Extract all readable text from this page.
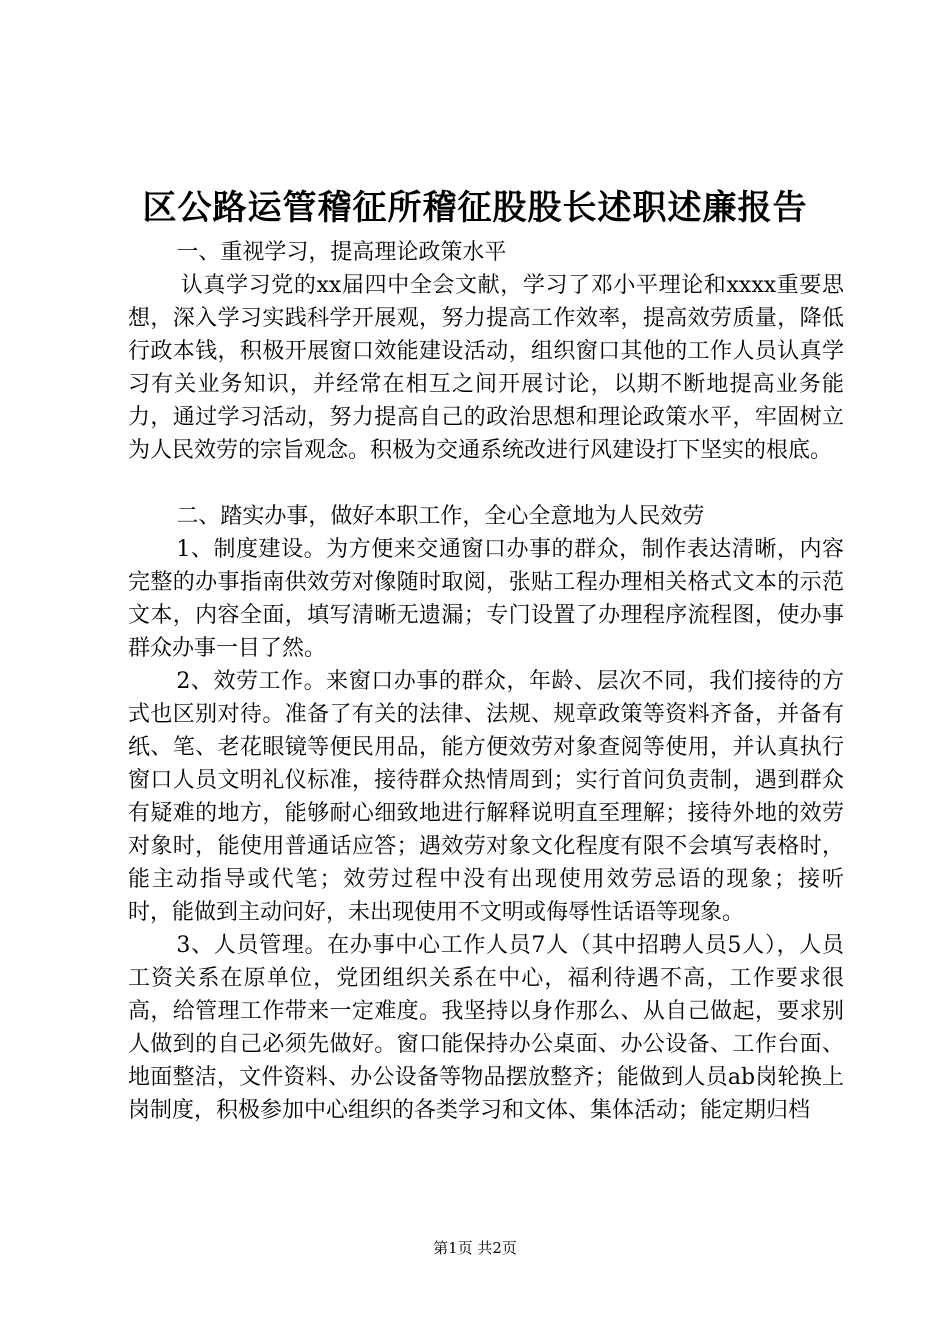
区公路运管稽征所稽征股股长述职述廉报告

一、重视学习，提高理论政策水平

认真学习党的xx届四中全会文献，学习了邓小平理论和xxxx重要思想，深入学习实践科学开展观，努力提高工作效率，提高效劳质量，降低行政本钱，积极开展窗口效能建设活动，组织窗口其他的工作人员认真学习有关业务知识，并经常在相互之间开展讨论，以期不断地提高业务能力，通过学习活动，努力提高自己的政治思想和理论政策水平，牢固树立为人民效劳的宗旨观念。积极为交通系统改进行风建设打下坚实的根底。

二、踏实办事，做好本职工作，全心全意地为人民效劳

1、制度建设。为方便来交通窗口办事的群众，制作表达清晰，内容完整的办事指南供效劳对像随时取阅，张贴工程办理相关格式文本的示范文本，内容全面，填写清晰无遗漏；专门设置了办理程序流程图，使办事群众办事一目了然。

2、效劳工作。来窗口办事的群众，年龄、层次不同，我们接待的方式也区别对待。准备了有关的法律、法规、规章政策等资料齐备，并备有纸、笔、老花眼镜等便民用品，能方便效劳对象查阅等使用，并认真执行窗口人员文明礼仪标准，接待群众热情周到；实行首问负责制，遇到群众有疑难的地方，能够耐心细致地进行解释说明直至理解；接待外地的效劳对象时，能使用普通话应答；遇效劳对象文化程度有限不会填写表格时，能主动指导或代笔；效劳过程中没有出现使用效劳忌语的现象；接听　　时，能做到主动问好，未出现使用不文明或侮辱性话语等现象。

3、人员管理。在办事中心工作人员7人（其中招聘人员5人），人员工资关系在原单位，党团组织关系在中心，福利待遇不高，工作要求很高，给管理工作带来一定难度。我坚持以身作那么、从自己做起，要求别人做到的自己必须先做好。窗口能保持办公桌面、办公设备、工作台面、地面整洁，文件资料、办公设备等物品摆放整齐；能做到人员ab岗轮换上岗制度，积极参加中心组织的各类学习和文体、集体活动；能定期归档

第1页 共2页
